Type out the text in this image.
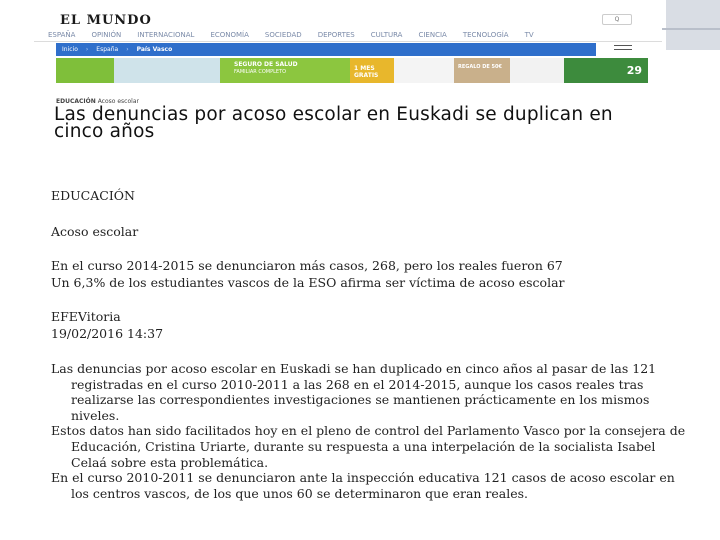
EL MUNDO	Q
ESPAÑA	OPINIÓN	INTERNACIONAL	ECONOMÍA	SOCIEDAD	DEPORTES	CULTURA	CIENCIA	TECNOLOGÍA	TV
Inicio › España › País Vasco
SEGURO DE SALUD
FAMILIAR COMPLETO	1 MES GRATIS
REGALO DE 50€	29
EDUCACIÓN Acoso escolar
Las denuncias por acoso escolar en Euskadi se duplican en cinco años
EDUCACIÓN
Acoso escolar
En el curso 2014-2015 se denunciaron más casos, 268, pero los reales fueron 67
Un 6,3% de los estudiantes vascos de la ESO afirma ser víctima de acoso escolar
EFEVitoria
19/02/2016 14:37

Las denuncias por acoso escolar en Euskadi se han duplicado en cinco años al pasar de las 121 registradas en el curso 2010-2011 a las 268 en el 2014-2015, aunque los casos reales tras realizarse las correspondientes investigaciones se mantienen prácticamente en los mismos niveles.

Estos datos han sido facilitados hoy en el pleno de control del Parlamento Vasco por la consejera de Educación, Cristina Uriarte, durante su respuesta a una interpelación de la socialista Isabel Celaá sobre esta problemática.

En el curso 2010-2011 se denunciaron ante la inspección educativa 121 casos de acoso escolar en los centros vascos, de los que unos 60 se determinaron que eran reales.
